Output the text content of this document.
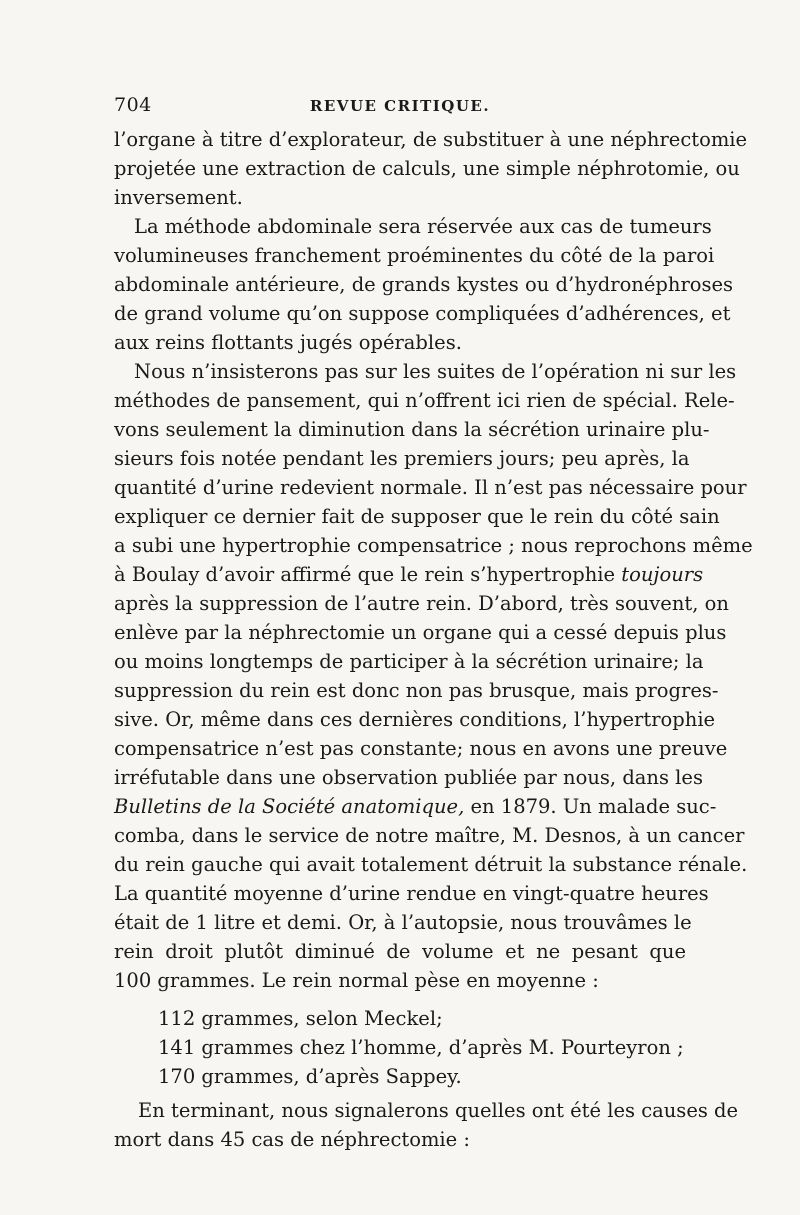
704	REVUE CRITIQUE.
l’organe à titre d’explorateur, de substituer à une néphrectomie
projetée une extraction de calculs, une simple néphrotomie, ou
inversement.
La méthode abdominale sera réservée aux cas de tumeurs
volumineuses franchement proéminentes du côté de la paroi
abdominale antérieure, de grands kystes ou d’hydronéphroses
de grand volume qu’on suppose compliquées d’adhérences, et
aux reins flottants jugés opérables.
Nous n’insisterons pas sur les suites de l’opération ni sur les
méthodes de pansement, qui n’offrent ici rien de spécial. Rele-
vons seulement la diminution dans la sécrétion urinaire plu-
sieurs fois notée pendant les premiers jours; peu après, la
quantité d’urine redevient normale. Il n’est pas nécessaire pour
expliquer ce dernier fait de supposer que le rein du côté sain
a subi une hypertrophie compensatrice ; nous reprochons même
à Boulay d’avoir affirmé que le rein s’hypertrophie toujours
après la suppression de l’autre rein. D’abord, très souvent, on
enlève par la néphrectomie un organe qui a cessé depuis plus
ou moins longtemps de participer à la sécrétion urinaire; la
suppression du rein est donc non pas brusque, mais progres-
sive. Or, même dans ces dernières conditions, l’hypertrophie
compensatrice n’est pas constante; nous en avons une preuve
irréfutable dans une observation publiée par nous, dans les
Bulletins de la Société anatomique, en 1879. Un malade suc-
comba, dans le service de notre maître, M. Desnos, à un cancer
du rein gauche qui avait totalement détruit la substance rénale.
La quantité moyenne d’urine rendue en vingt-quatre heures
était de 1 litre et demi. Or, à l’autopsie, nous trouvâmes le
rein droit plutôt diminué de volume et ne pesant que
100 grammes. Le rein normal pèse en moyenne :
112 grammes, selon Meckel;
141 grammes chez l’homme, d’après M. Pourteyron ;
170 grammes, d’après Sappey.
En terminant, nous signalerons quelles ont été les causes de
mort dans 45 cas de néphrectomie :
